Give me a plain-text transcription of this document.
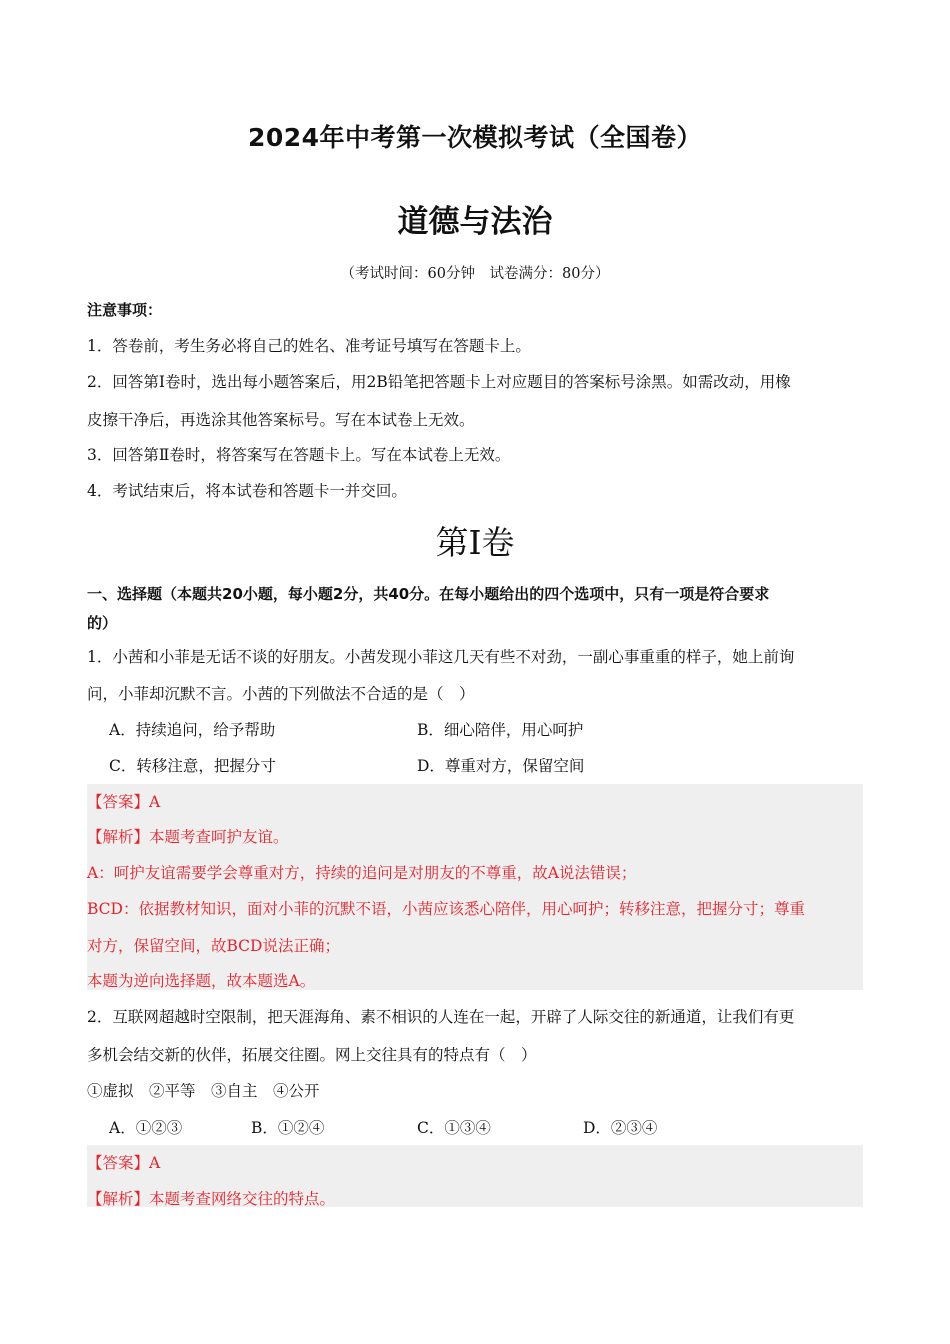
2024年中考第一次模拟考试（全国卷）
道德与法治
（考试时间：60分钟　试卷满分：80分）
注意事项：
1．答卷前，考生务必将自己的姓名、准考证号填写在答题卡上。
2．回答第Ⅰ卷时，选出每小题答案后，用2B铅笔把答题卡上对应题目的答案标号涂黑。如需改动，用橡
皮擦干净后，再选涂其他答案标号。写在本试卷上无效。
3．回答第Ⅱ卷时，将答案写在答题卡上。写在本试卷上无效。
4．考试结束后，将本试卷和答题卡一并交回。
第Ⅰ卷
一、选择题（本题共20小题，每小题2分，共40分。在每小题给出的四个选项中，只有一项是符合要求
的）
1．小茜和小菲是无话不谈的好朋友。小茜发现小菲这几天有些不对劲，一副心事重重的样子，她上前询
问，小菲却沉默不言。小茜的下列做法不合适的是（　）
A．持续追问，给予帮助	B．细心陪伴，用心呵护
C．转移注意，把握分寸	D．尊重对方，保留空间
【答案】A
【解析】本题考查呵护友谊。
A：呵护友谊需要学会尊重对方，持续的追问是对朋友的不尊重，故A说法错误；
BCD：依据教材知识，面对小菲的沉默不语，小茜应该悉心陪伴，用心呵护；转移注意，把握分寸；尊重
对方，保留空间，故BCD说法正确；
本题为逆向选择题，故本题选A。
2．互联网超越时空限制，把天涯海角、素不相识的人连在一起，开辟了人际交往的新通道，让我们有更
多机会结交新的伙伴，拓展交往圈。网上交往具有的特点有（　）
①虚拟　②平等　③自主　④公开
A．①②③	B．①②④	C．①③④	D．②③④
【答案】A
【解析】本题考查网络交往的特点。
